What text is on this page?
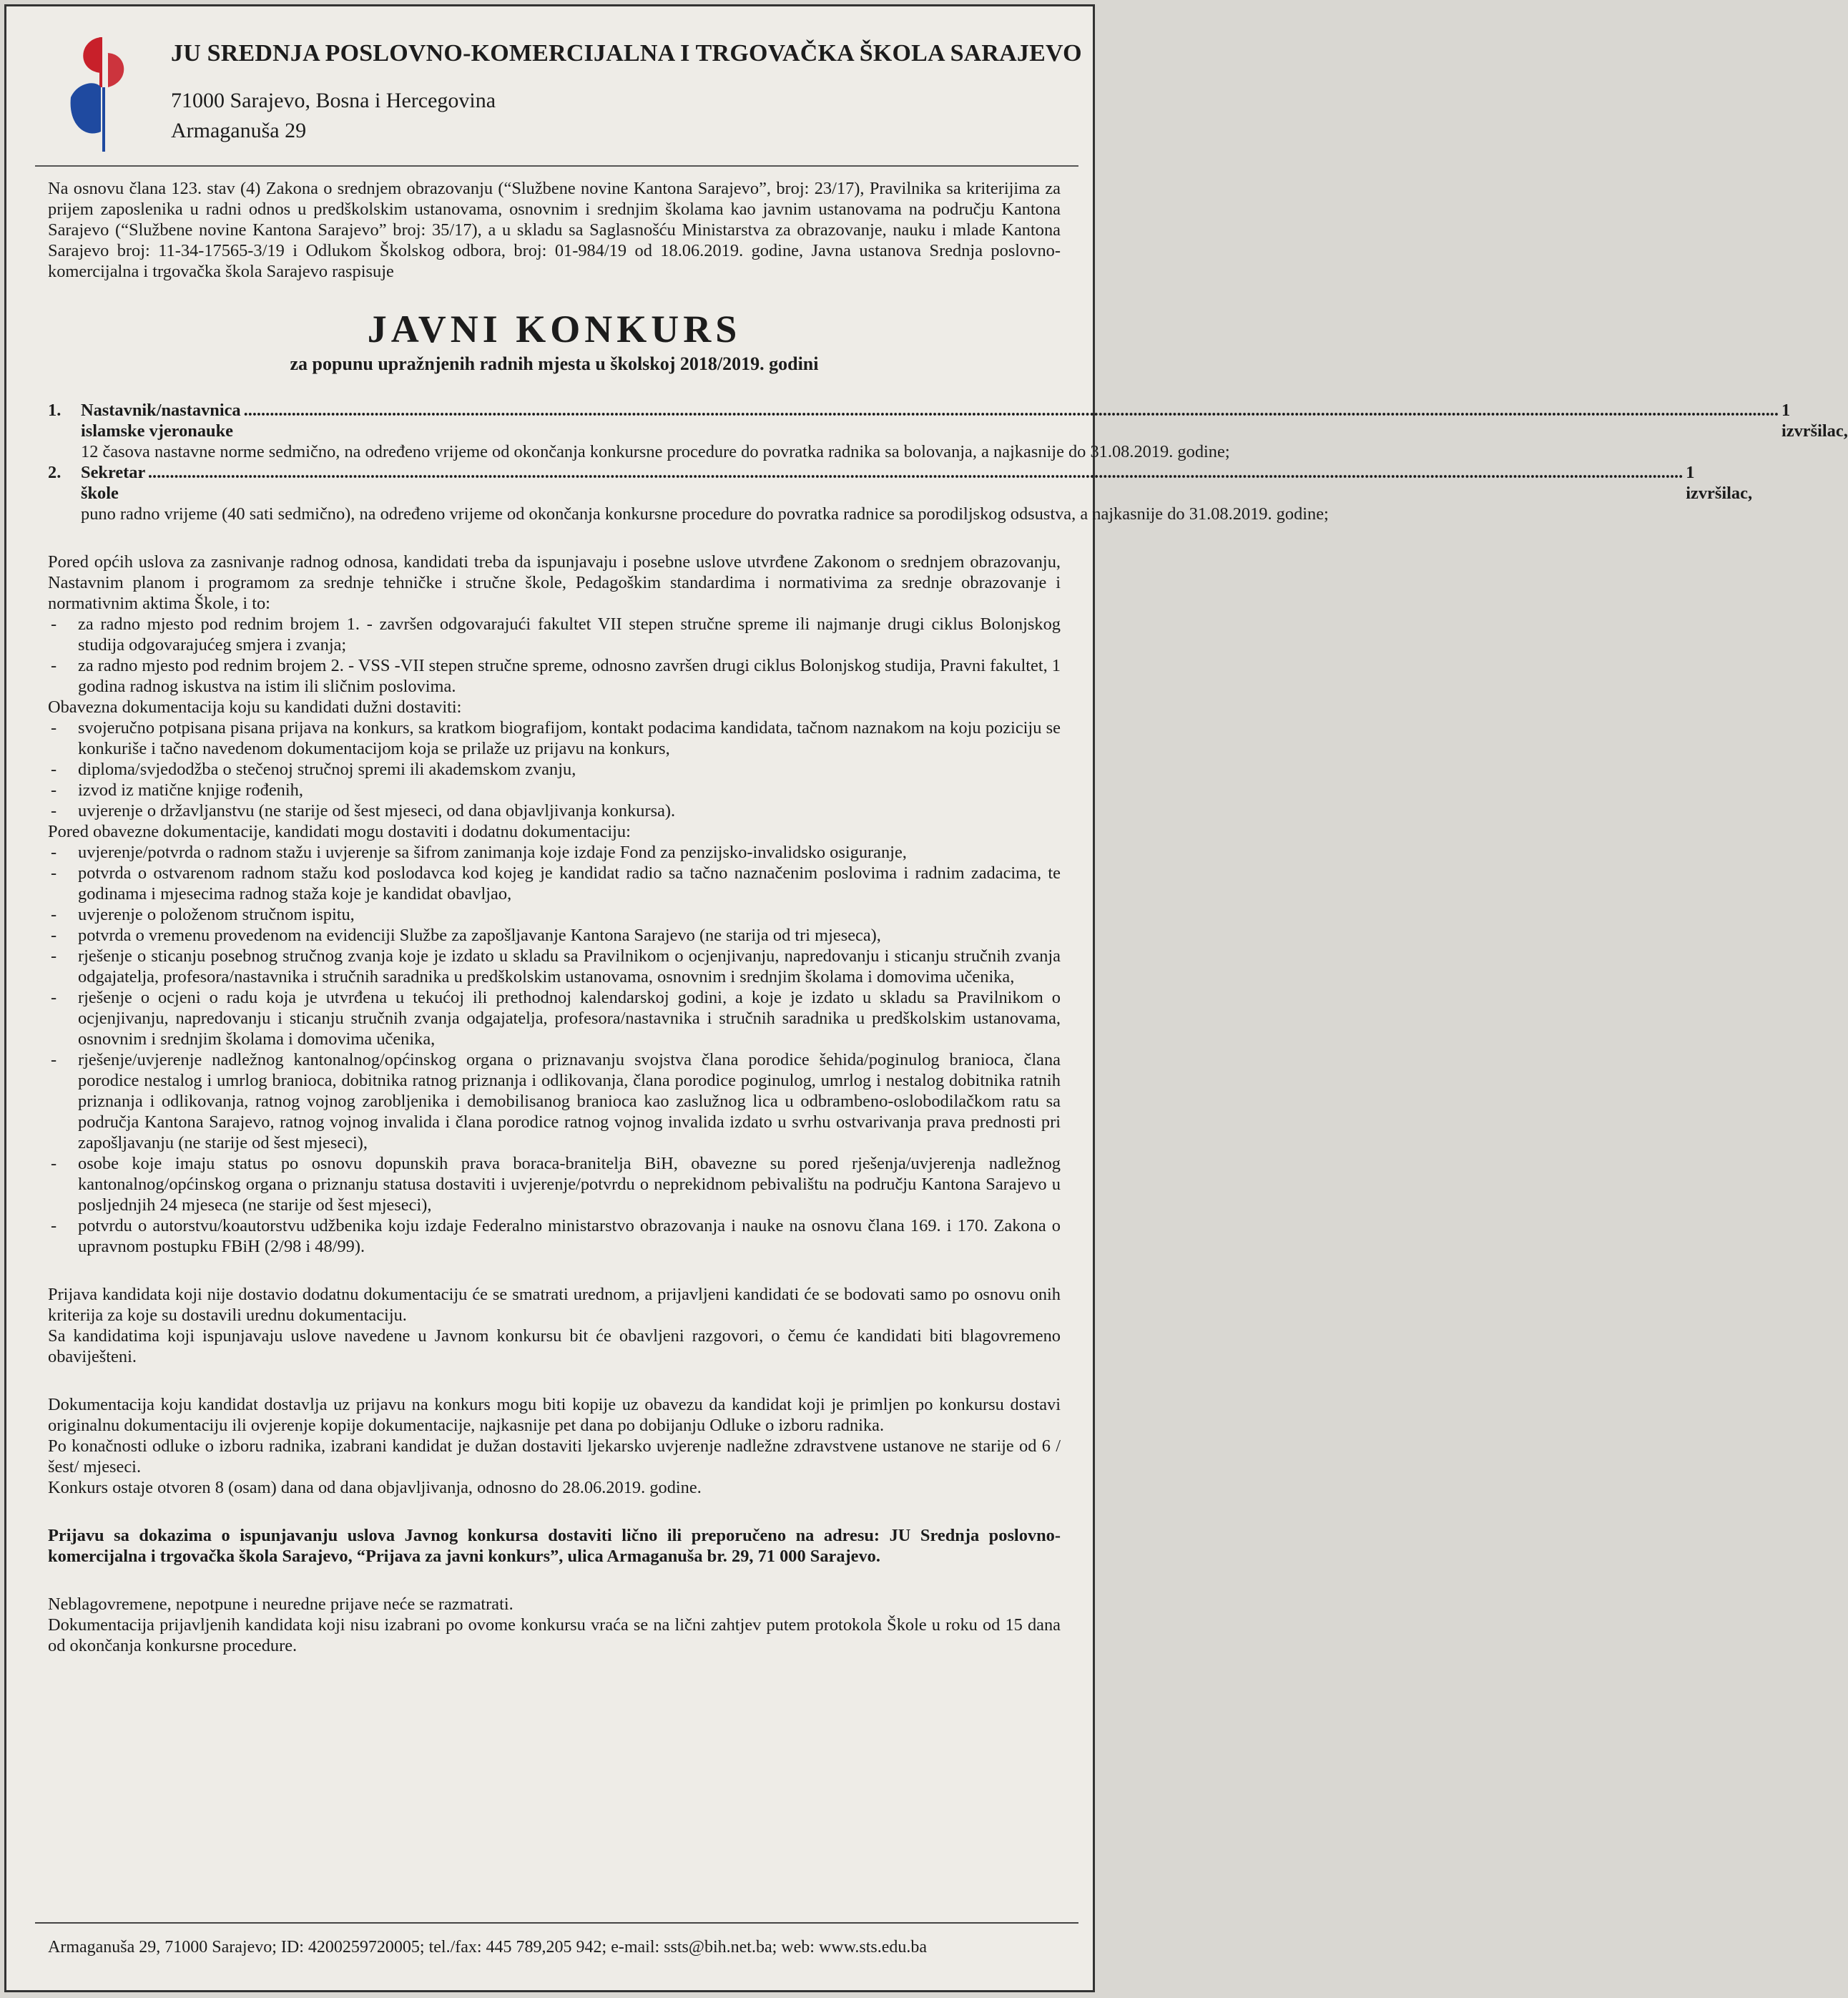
JU SREDNJA POSLOVNO-KOMERCIJALNA I TRGOVAČKA ŠKOLA SARAJEVO
71000 Sarajevo, Bosna i Hercegovina
Armaganuša 29

Na osnovu člana 123. stav (4) Zakona o srednjem obrazovanju (“Službene novine Kantona Sarajevo”, broj: 23/17), Pravilnika sa kriterijima za prijem zaposlenika u radni odnos u predškolskim ustanovama, osnovnim i srednjim školama kao javnim ustanovama na području Kantona Sarajevo (“Službene novine Kantona Sarajevo” broj: 35/17), a u skladu sa Saglasnošću Ministarstva za obrazovanje, nauku i mlade Kantona Sarajevo broj: 11-34-17565-3/19 i Odlukom Školskog odbora, broj: 01-984/19 od 18.06.2019. godine, Javna ustanova Srednja poslovno-komercijalna i trgovačka škola Sarajevo raspisuje

JAVNI KONKURS
za popunu upražnjenih radnih mjesta u školskoj 2018/2019. godini
1.	Nastavnik/nastavnica islamske vjeronauke
.....
1 izvršilac,
12 časova nastavne norme sedmično, na određeno vrijeme od okončanja konkursne procedure do povratka radnika sa bolovanja, a najkasnije do 31.08.2019. godine;
2.	Sekretar škole
.....
1 izvršilac,
puno radno vrijeme (40 sati sedmično), na određeno vrijeme od okončanja konkursne procedure do povratka radnice sa porodiljskog odsustva, a najkasnije do 31.08.2019. godine;

Pored općih uslova za zasnivanje radnog odnosa, kandidati treba da ispunjavaju i posebne uslove utvrđene Zakonom o srednjem obrazovanju, Nastavnim planom i programom za srednje tehničke i stručne škole, Pedagoškim standardima i normativima za srednje obrazovanje i normativnim aktima Škole, i to:

- za radno mjesto pod rednim brojem 1. - završen odgovarajući fakultet VII stepen stručne spreme ili najmanje drugi ciklus Bolonjskog studija odgovarajućeg smjera i zvanja;
- za radno mjesto pod rednim brojem 2. - VSS -VII stepen stručne spreme, odnosno završen drugi ciklus Bolonjskog studija, Pravni fakultet, 1 godina radnog iskustva na istim ili sličnim poslovima.

Obavezna dokumentacija koju su kandidati dužni dostaviti:

- svojeručno potpisana pisana prijava na konkurs, sa kratkom biografijom, kontakt podacima kandidata, tačnom naznakom na koju poziciju se konkuriše i tačno navedenom dokumentacijom koja se prilaže uz prijavu na konkurs,
- diploma/svjedodžba o stečenoj stručnoj spremi ili akademskom zvanju,
- izvod iz matične knjige rođenih,
- uvjerenje o državljanstvu (ne starije od šest mjeseci, od dana objavljivanja konkursa).

Pored obavezne dokumentacije, kandidati mogu dostaviti i dodatnu dokumentaciju:

- uvjerenje/potvrda o radnom stažu i uvjerenje sa šifrom zanimanja koje izdaje Fond za penzijsko-invalidsko osiguranje,
- potvrda o ostvarenom radnom stažu kod poslodavca kod kojeg je kandidat radio sa tačno naznačenim poslovima i radnim zadacima, te godinama i mjesecima radnog staža koje je kandidat obavljao,
- uvjerenje o položenom stručnom ispitu,
- potvrda o vremenu provedenom na evidenciji Službe za zapošljavanje Kantona Sarajevo (ne starija od tri mjeseca),
- rješenje o sticanju posebnog stručnog zvanja koje je izdato u skladu sa Pravilnikom o ocjenjivanju, napredovanju i sticanju stručnih zvanja odgajatelja, profesora/nastavnika i stručnih saradnika u predškolskim ustanovama, osnovnim i srednjim školama i domovima učenika,
- rješenje o ocjeni o radu koja je utvrđena u tekućoj ili prethodnoj kalendarskoj godini, a koje je izdato u skladu sa Pravilnikom o ocjenjivanju, napredovanju i sticanju stručnih zvanja odgajatelja, profesora/nastavnika i stručnih saradnika u predškolskim ustanovama, osnovnim i srednjim školama i domovima učenika,
- rješenje/uvjerenje nadležnog kantonalnog/općinskog organa o priznavanju svojstva člana porodice šehida/poginulog branioca, člana porodice nestalog i umrlog branioca, dobitnika ratnog priznanja i odlikovanja, člana porodice poginulog, umrlog i nestalog dobitnika ratnih priznanja i odlikovanja, ratnog vojnog zarobljenika i demobilisanog branioca kao zaslužnog lica u odbrambeno-oslobodilačkom ratu sa područja Kantona Sarajevo, ratnog vojnog invalida i člana porodice ratnog vojnog invalida izdato u svrhu ostvarivanja prava prednosti pri zapošljavanju (ne starije od šest mjeseci),
- osobe koje imaju status po osnovu dopunskih prava boraca-branitelja BiH, obavezne su pored rješenja/uvjerenja nadležnog kantonalnog/općinskog organa o priznanju statusa dostaviti i uvjerenje/potvrdu o neprekidnom pebivalištu na području Kantona Sarajevo u posljednjih 24 mjeseca (ne starije od šest mjeseci),
- potvrdu o autorstvu/koautorstvu udžbenika koju izdaje Federalno ministarstvo obrazovanja i nauke na osnovu člana 169. i 170. Zakona o upravnom postupku FBiH (2/98 i 48/99).

Prijava kandidata koji nije dostavio dodatnu dokumentaciju će se smatrati urednom, a prijavljeni kandidati će se bodovati samo po osnovu onih kriterija za koje su dostavili urednu dokumentaciju.

Sa kandidatima koji ispunjavaju uslove navedene u Javnom konkursu bit će obavljeni razgovori, o čemu će kandidati biti blagovremeno obaviješteni.

Dokumentacija koju kandidat dostavlja uz prijavu na konkurs mogu biti kopije uz obavezu da kandidat koji je primljen po konkursu dostavi originalnu dokumentaciju ili ovjerenje kopije dokumentacije, najkasnije pet dana po dobijanju Odluke o izboru radnika.

Po konačnosti odluke o izboru radnika, izabrani kandidat je dužan dostaviti ljekarsko uvjerenje nadležne zdravstvene ustanove ne starije od 6 /šest/ mjeseci.

Konkurs ostaje otvoren 8 (osam) dana od dana objavljivanja, odnosno do 28.06.2019. godine.

Prijavu sa dokazima o ispunjavanju uslova Javnog konkursa dostaviti lično ili preporučeno na adresu: JU Srednja poslovno-komercijalna i trgovačka škola Sarajevo, “Prijava za javni konkurs”, ulica Armaganuša br. 29, 71 000 Sarajevo.

Neblagovremene, nepotpune i neuredne prijave neće se razmatrati.

Dokumentacija prijavljenih kandidata koji nisu izabrani po ovome konkursu vraća se na lični zahtjev putem protokola Škole u roku od 15 dana od okončanja konkursne procedure.

Armaganuša 29, 71000 Sarajevo; ID: 4200259720005; tel./fax: 445 789,205 942; e-mail: ssts@bih.net.ba; web: www.sts.edu.ba
